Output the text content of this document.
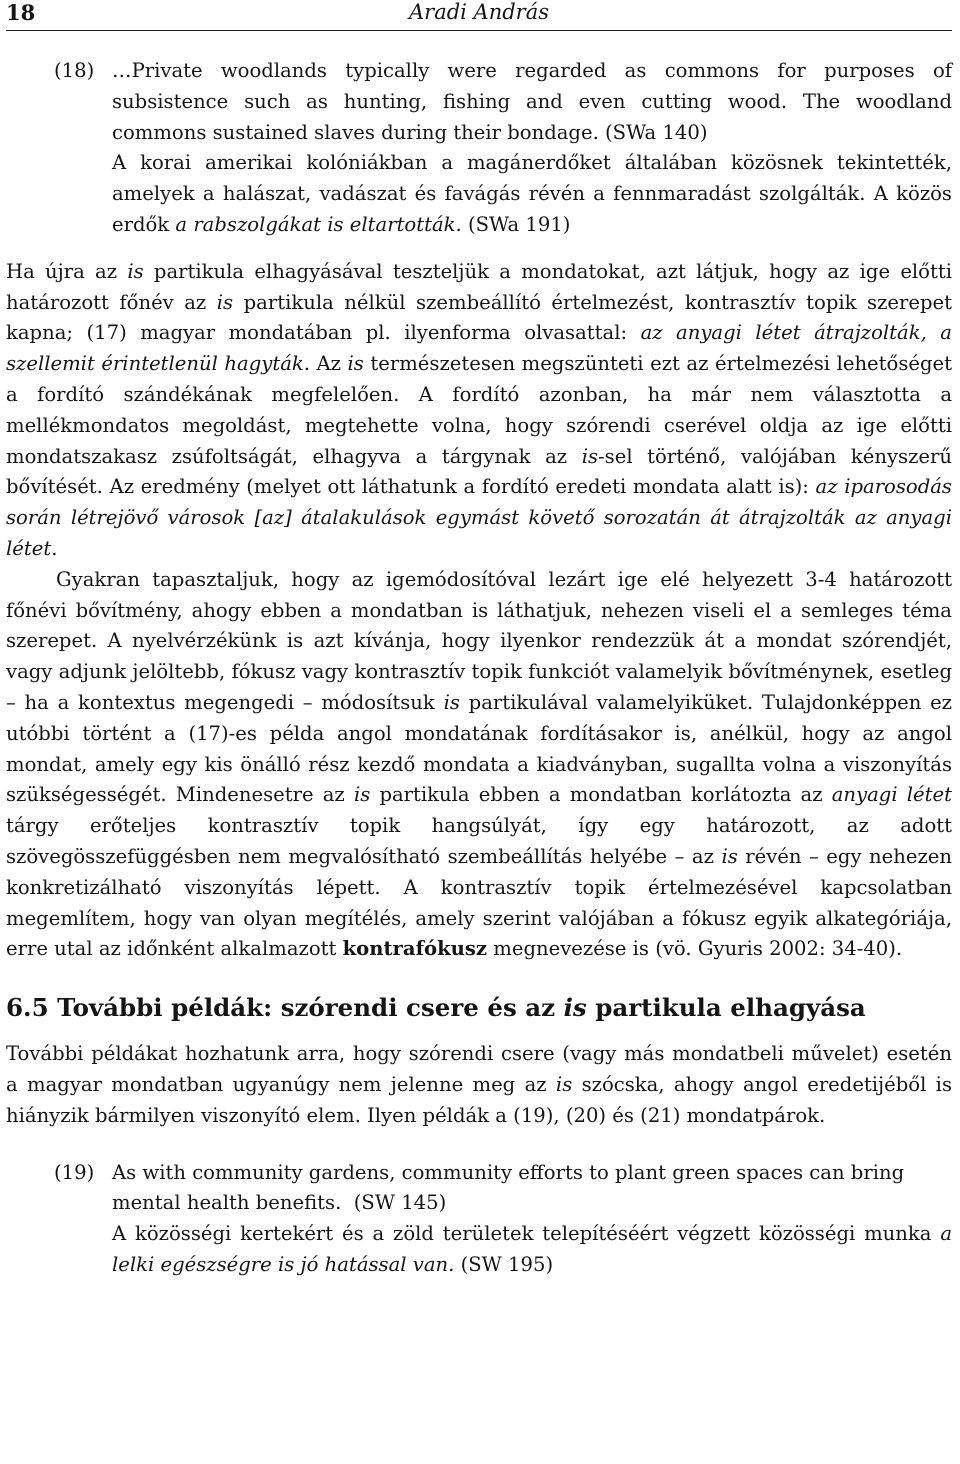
18	Aradi András
(18) …Private woodlands typically were regarded as commons for purposes of subsistence such as hunting, fishing and even cutting wood. The woodland commons sustained slaves during their bondage. (SWa 140)

A korai amerikai kolóniákban a magánerdőket általában közösnek tekintették, amelyek a halászat, vadászat és favágás révén a fennmaradást szolgálták. A közös erdők a rabszolgákat is eltartották. (SWa 191)

Ha újra az is partikula elhagyásával teszteljük a mondatokat, azt látjuk, hogy az ige előtti határozott főnév az is partikula nélkül szembeállító értelmezést, kontrasztív topik szerepet kapna; (17) magyar mondatában pl. ilyenforma olvasattal: az anyagi létet átrajzolták, a szellemit érintetlenül hagyták. Az is természetesen megszünteti ezt az értelmezési lehetőséget a fordító szándékának megfelelően. A fordító azonban, ha már nem választotta a mellékmondatos megoldást, megtehette volna, hogy szórendi cserével oldja az ige előtti mondatszakasz zsúfoltságát, elhagyva a tárgynak az is-sel történő, valójában kényszerű bővítését. Az eredmény (melyet ott láthatunk a fordító eredeti mondata alatt is): az iparosodás során létrejövő városok [az] átalakulások egymást követő sorozatán át átrajzolták az anyagi létet.

Gyakran tapasztaljuk, hogy az igemódosítóval lezárt ige elé helyezett 3-4 határozott főnévi bővítmény, ahogy ebben a mondatban is láthatjuk, nehezen viseli el a semleges téma szerepet. A nyelvérzékünk is azt kívánja, hogy ilyenkor rendezzük át a mondat szórendjét, vagy adjunk jelöltebb, fókusz vagy kontrasztív topik funkciót valamelyik bővítménynek, esetleg – ha a kontextus megengedi – módosítsuk is partikulával valamelyiküket. Tulajdonképpen ez utóbbi történt a (17)-es példa angol mondatának fordításakor is, anélkül, hogy az angol mondat, amely egy kis önálló rész kezdő mondata a kiadványban, sugallta volna a viszonyítás szükségességét. Mindenesetre az is partikula ebben a mondatban korlátozta az anyagi létet tárgy erőteljes kontrasztív topik hangsúlyát, így egy határozott, az adott szövegösszefüggésben nem megvalósítható szembeállítás helyébe – az is révén – egy nehezen konkretizálható viszonyítás lépett. A kontrasztív topik értelmezésével kapcsolatban megemlítem, hogy van olyan megítélés, amely szerint valójában a fókusz egyik alkategóriája, erre utal az időnként alkalmazott kontrafókusz megnevezése is (vö. Gyuris 2002: 34-40).

6.5 További példák: szórendi csere és az is partikula elhagyása

További példákat hozhatunk arra, hogy szórendi csere (vagy más mondatbeli művelet) esetén a magyar mondatban ugyanúgy nem jelenne meg az is szócska, ahogy angol eredetijéből is hiányzik bármilyen viszonyító elem. Ilyen példák a (19), (20) és (21) mondatpárok.

(19) As with community gardens, community efforts to plant green spaces can bring mental health benefits. (SW 145)

A közösségi kertekért és a zöld területek telepítéséért végzett közösségi munka a lelki egészségre is jó hatással van. (SW 195)
